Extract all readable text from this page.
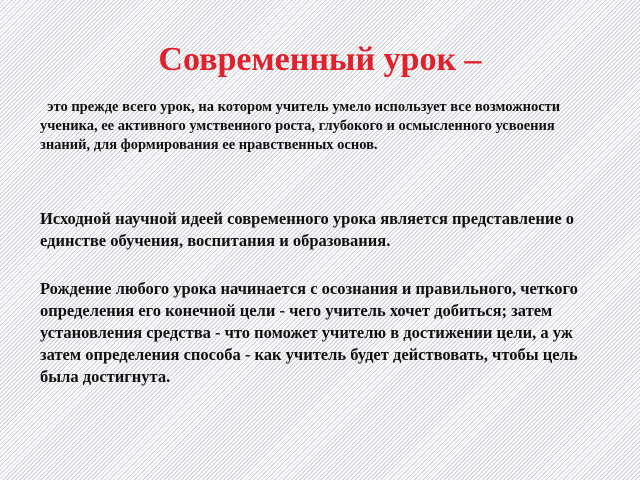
Современный урок –

это прежде всего урок, на котором учитель умело использует все возможности ученика, ее активного умственного роста, глубокого и осмысленного усвоения знаний, для формирования ее нравственных основ.

Исходной научной идеей современного урока является представление о единстве обучения, воспитания и образования.

Рождение любого урока начинается с осознания и правильного, четкого определения его конечной цели - чего учитель хочет добиться; затем установления средства - что поможет учителю в достижении цели, а уж затем определения способа - как учитель будет действовать, чтобы цель была достигнута.
